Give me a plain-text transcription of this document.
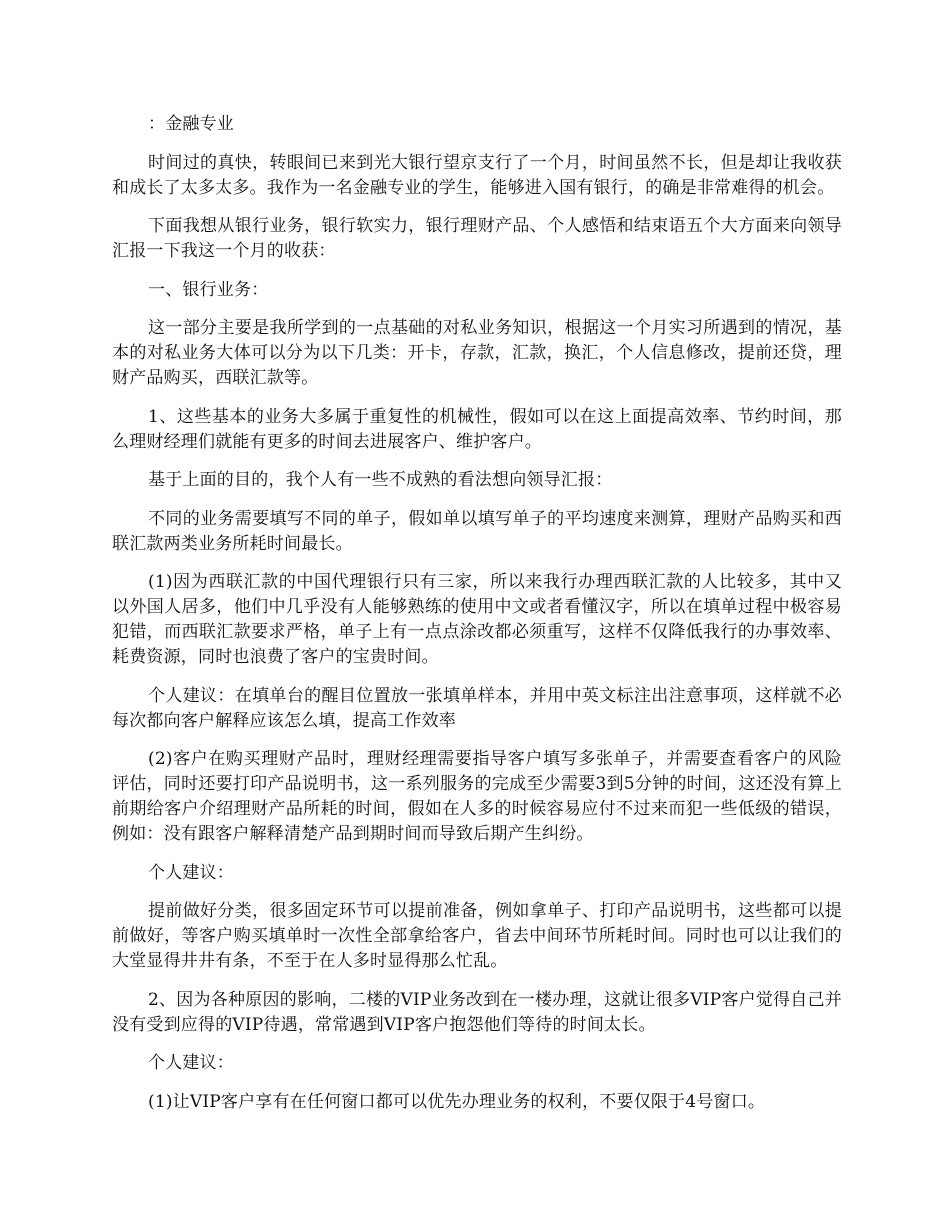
：金融专业

时间过的真快，转眼间已来到光大银行望京支行了一个月，时间虽然不长，但是却让我收获和成长了太多太多。我作为一名金融专业的学生，能够进入国有银行，的确是非常难得的机会。

下面我想从银行业务，银行软实力，银行理财产品、个人感悟和结束语五个大方面来向领导汇报一下我这一个月的收获：

一、银行业务：

这一部分主要是我所学到的一点基础的对私业务知识，根据这一个月实习所遇到的情况，基本的对私业务大体可以分为以下几类：开卡，存款，汇款，换汇，个人信息修改，提前还贷，理财产品购买，西联汇款等。

1、这些基本的业务大多属于重复性的机械性，假如可以在这上面提高效率、节约时间，那么理财经理们就能有更多的时间去进展客户、维护客户。

基于上面的目的，我个人有一些不成熟的看法想向领导汇报：

不同的业务需要填写不同的单子，假如单以填写单子的平均速度来测算，理财产品购买和西联汇款两类业务所耗时间最长。

(1)因为西联汇款的中国代理银行只有三家，所以来我行办理西联汇款的人比较多，其中又以外国人居多，他们中几乎没有人能够熟练的使用中文或者看懂汉字，所以在填单过程中极容易犯错，而西联汇款要求严格，单子上有一点点涂改都必须重写，这样不仅降低我行的办事效率、耗费资源，同时也浪费了客户的宝贵时间。

个人建议：在填单台的醒目位置放一张填单样本，并用中英文标注出注意事项，这样就不必每次都向客户解释应该怎么填，提高工作效率

(2)客户在购买理财产品时，理财经理需要指导客户填写多张单子，并需要查看客户的风险评估，同时还要打印产品说明书，这一系列服务的完成至少需要3到5分钟的时间，这还没有算上前期给客户介绍理财产品所耗的时间，假如在人多的时候容易应付不过来而犯一些低级的错误，例如：没有跟客户解释清楚产品到期时间而导致后期产生纠纷。

个人建议：

提前做好分类，很多固定环节可以提前准备，例如拿单子、打印产品说明书，这些都可以提前做好，等客户购买填单时一次性全部拿给客户，省去中间环节所耗时间。同时也可以让我们的大堂显得井井有条，不至于在人多时显得那么忙乱。

2、因为各种原因的影响，二楼的VIP业务改到在一楼办理，这就让很多VIP客户觉得自己并没有受到应得的VIP待遇，常常遇到VIP客户抱怨他们等待的时间太长。

个人建议：

(1)让VIP客户享有在任何窗口都可以优先办理业务的权利，不要仅限于4号窗口。
